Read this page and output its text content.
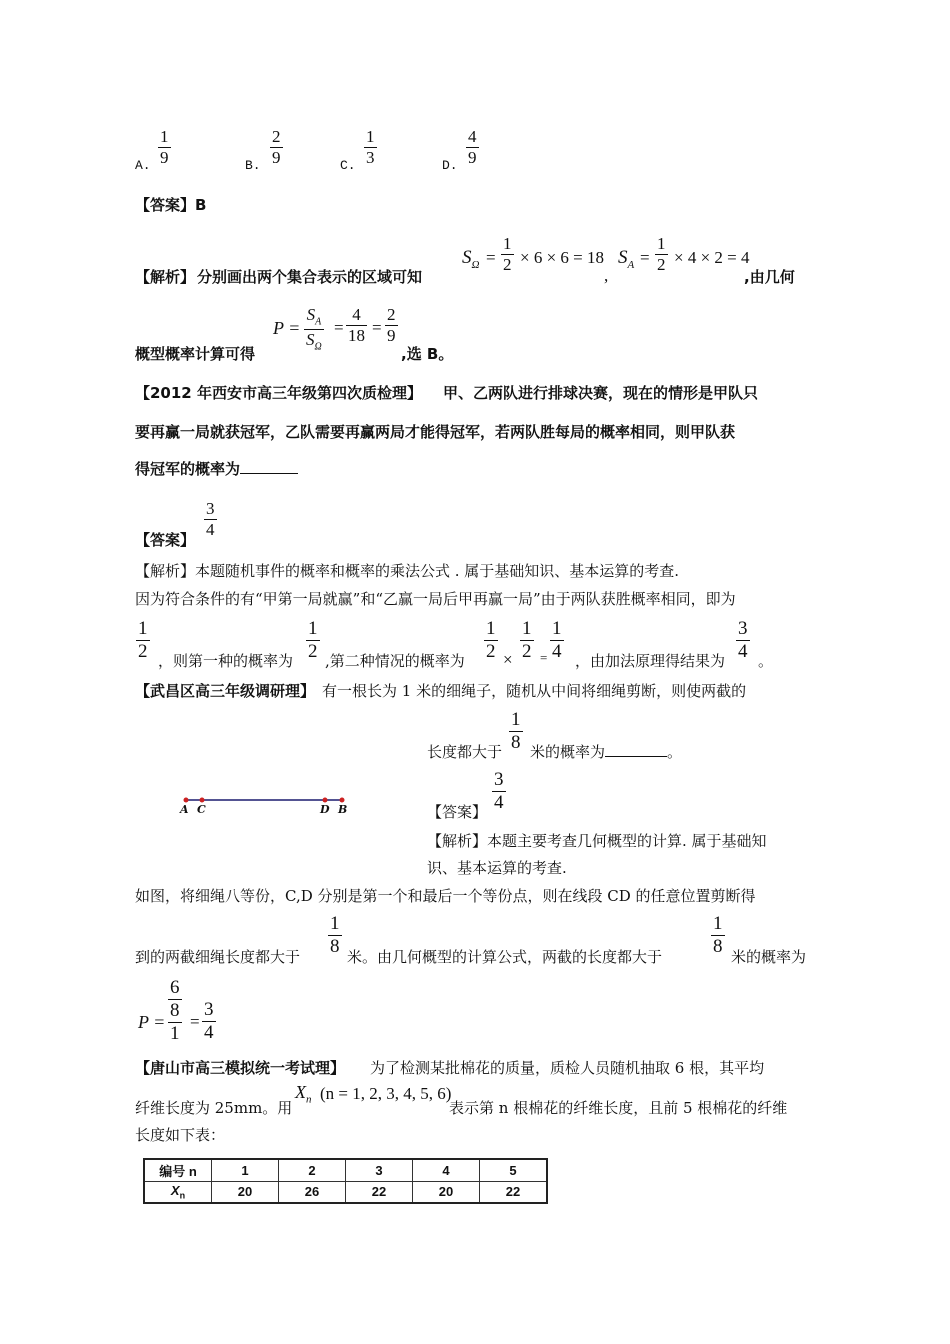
A. $\frac{1}{9}$	B. $\frac{2}{9}$	C. $\frac{1}{3}$	D. $\frac{4}{9}$
【答案】B
【解析】 分别画出两个集合表示的区域可知
$S_\Omega = \frac{1}{2} \times 6 \times 6 = 18$
,
$S_A = \frac{1}{2} \times 4 \times 2 = 4$
,由几何
概型概率计算可得
$P = \frac{S_A}{S_\Omega} = \frac{4}{18} = \frac{2}{9}$
,选 B。
【2012 年西安市高三年级第四次质检理】 甲、乙两队进行排球决赛，现在的情形是甲队只
要再赢一局就获冠军，乙队需要再赢两局才能得冠军，若两队胜每局的概率相同，则甲队获
得冠军的概率为
【答案】
$\frac{3}{4}$
【解析】本题随机事件的概率和概率的乘法公式 . 属于基础知识、基本运算的考查.
因为符合条件的有“甲第一局就赢”和“乙赢一局后甲再赢一局”由于两队获胜概率相同，即为
$\frac{1}{2}$ ，则第一种的概率为 $\frac{1}{2}$ ,第二种情况的概率为 $\frac{1}{2} \times \frac{1}{2} = \frac{1}{4}$ ，由加法原理得结果为 $\frac{3}{4}$ 。
【武昌区高三年级调研理】 有一根长为 1 米的细绳子，随机从中间将细绳剪断，则使两截的
长度都大于 $\frac{1}{8}$ 米的概率为	。
A C	D B	【答案】 $\frac{3}{4}$
【解析】本题主要考查几何概型的计算. 属于基础知
识、基本运算的考查.
如图，将细绳八等份，C,D 分别是第一个和最后一个等份点，则在线段 CD 的任意位置剪断得
到的两截细绳长度都大于
$\frac{1}{8}$
米。由几何概型的计算公式，两截的长度都大于
$\frac{1}{8}$
米的概率为
P = 6
8
$1 = \frac{3}{4}$
【唐山市高三模拟统一考试理】 为了检测某批棉花的质量，质检人员随机抽取 6 根，其平均
纤维长度为 25mm。用
$X_n$ (n = 1, 2, 3, 4, 5, 6)
表示第 n 根棉花的纤维长度，且前 5 根棉花的纤维
长度如下表：
编号 n	1	2	3	4	5
$X_n$	20	26	22	20	22
